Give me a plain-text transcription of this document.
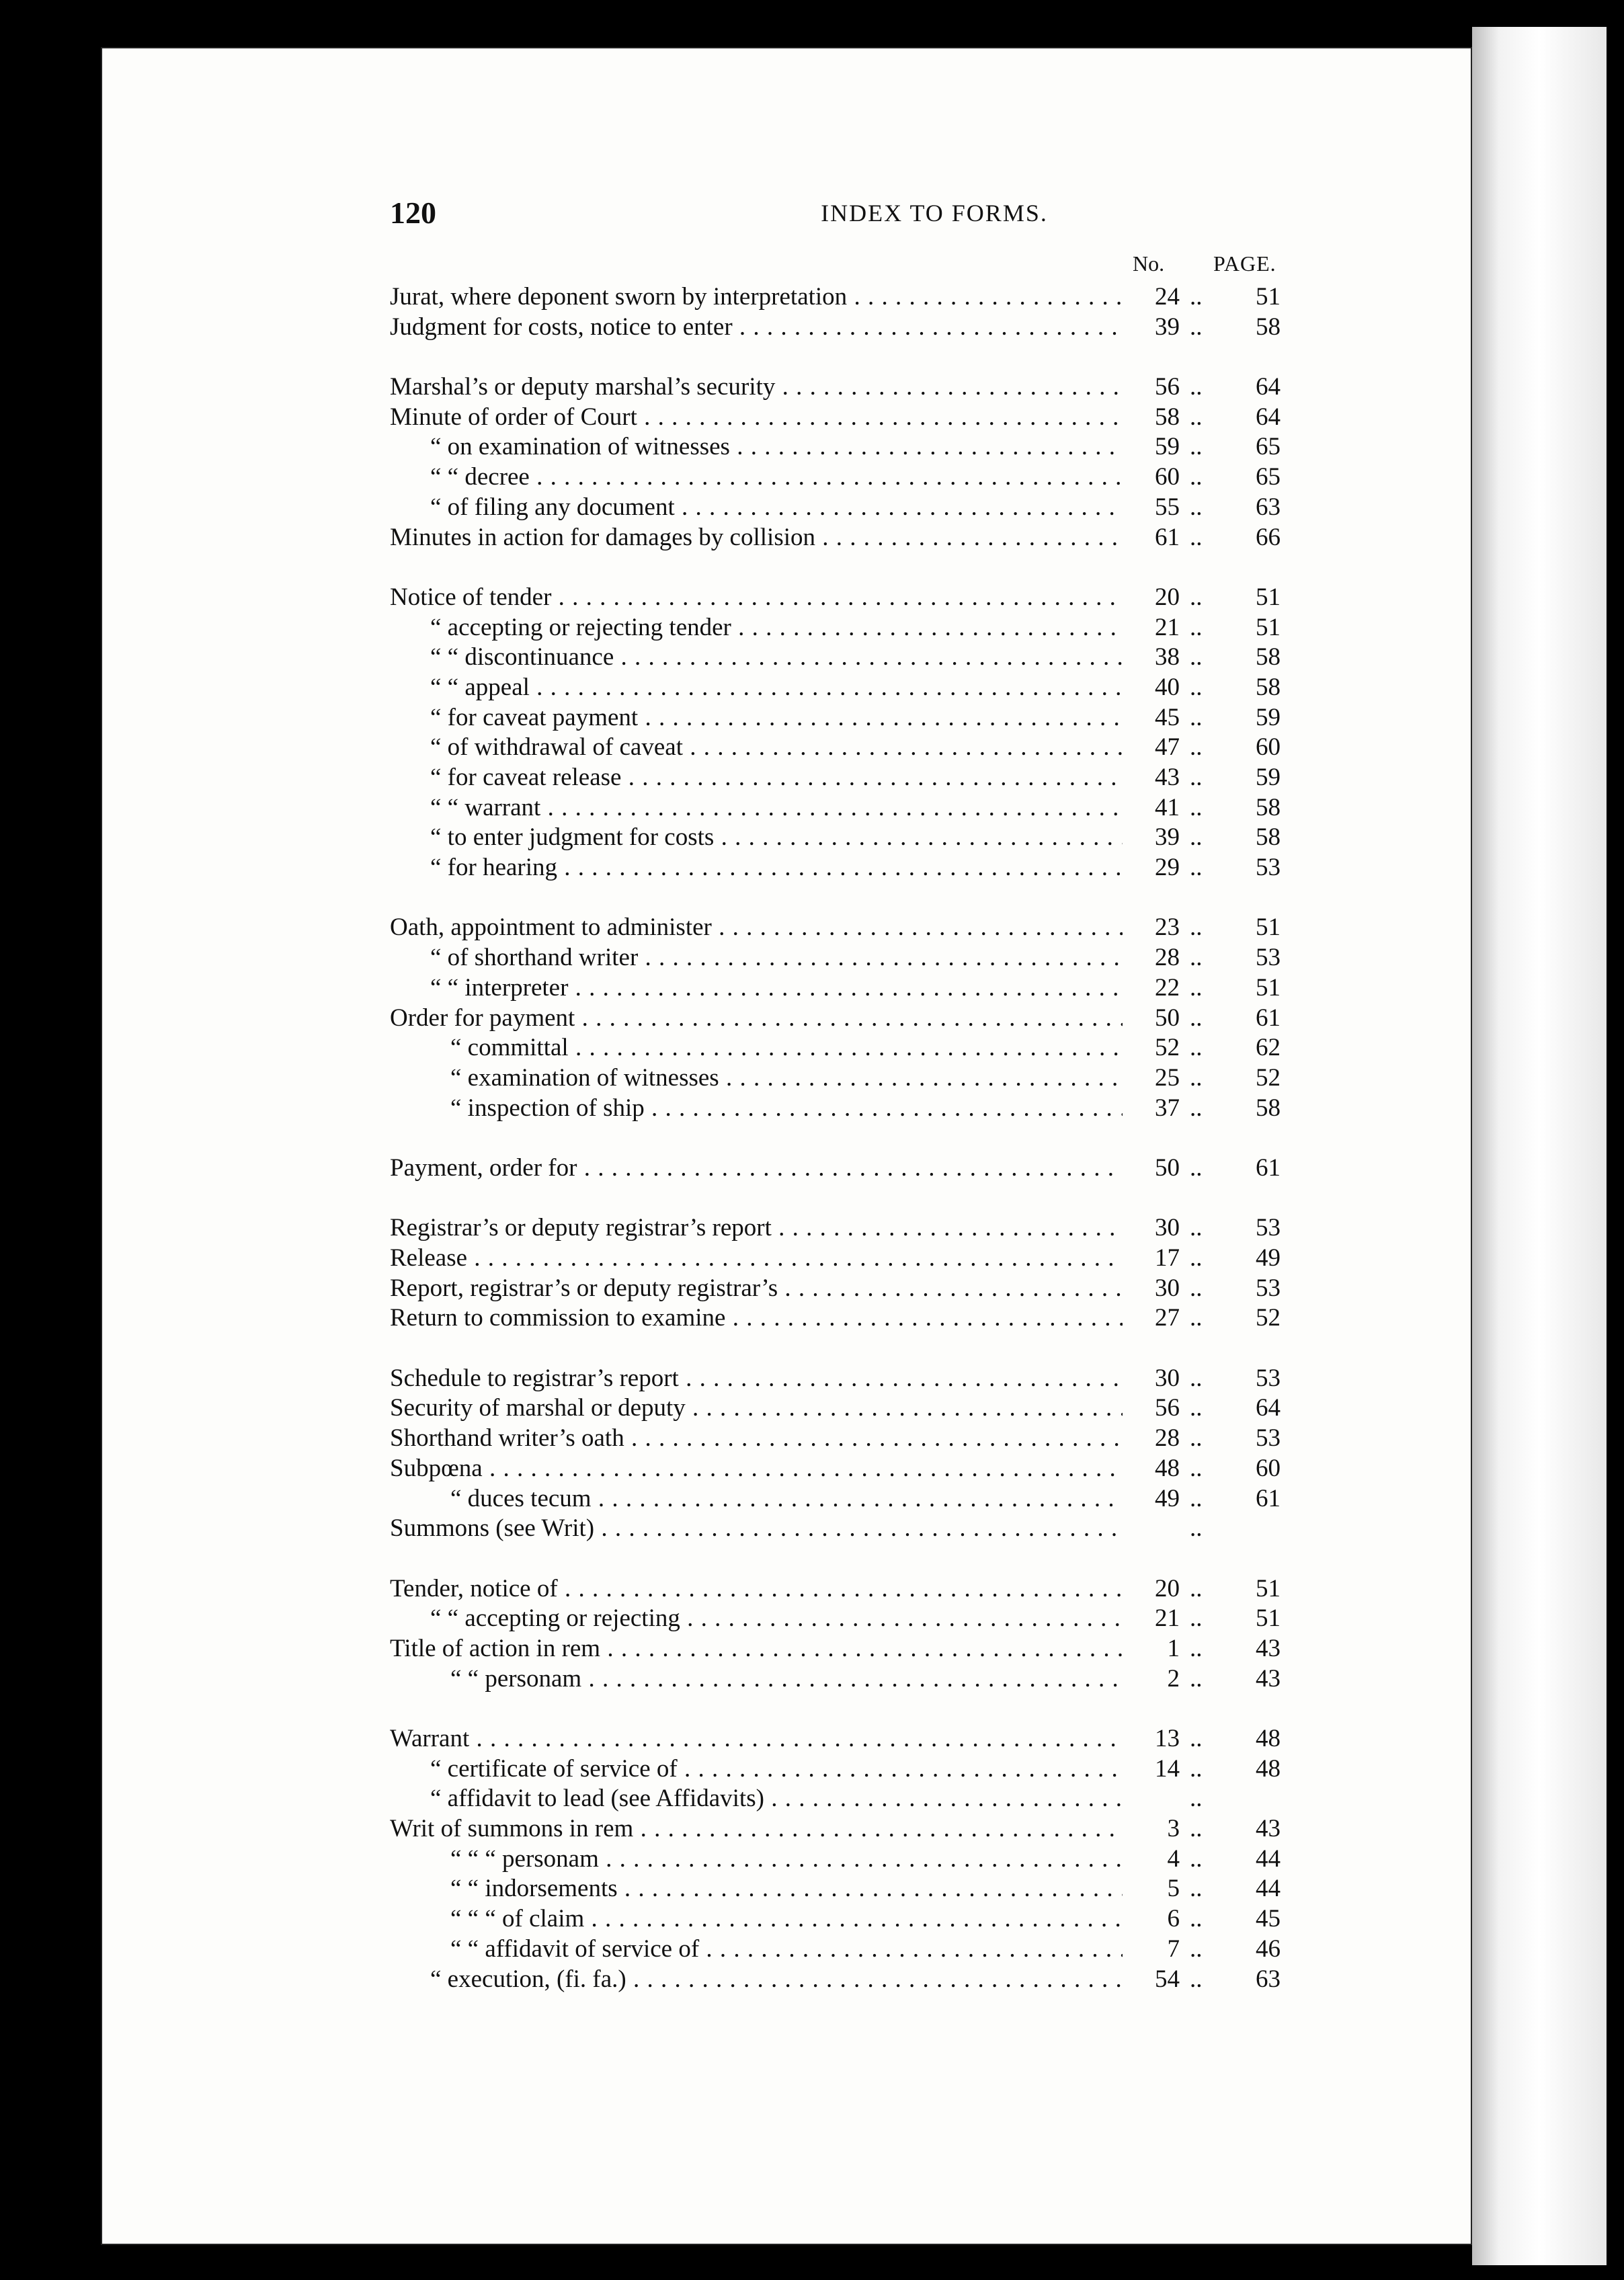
120	INDEX TO FORMS.
No. PAGE.
Jurat, where deponent sworn by interpretation . . .	24 ..	51
Judgment for costs, notice to enter . . .	39 ..	58
Marshal’s or deputy marshal’s security . . .	56 ..	64
Minute of order of Court . . .	58 ..	64
“ on examination of witnesses . . .	59 ..	65
“ “ decree . . .	60 ..	65
“ of filing any document . . .	55 ..	63
Minutes in action for damages by collision . . .	61 ..	66
Notice of tender . . .	20 ..	51
“ accepting or rejecting tender . . .	21 ..	51
“ “ discontinuance . . .	38 ..	58
“ “ appeal . . .	40 ..	58
“ for caveat payment . . .	45 ..	59
“ of withdrawal of caveat . . .	47 ..	60
“ for caveat release . . .	43 ..	59
“ “ warrant . . .	41 ..	58
“ to enter judgment for costs . . .	39 ..	58
“ for hearing . . .	29 ..	53
Oath, appointment to administer . . .	23 ..	51
“ of shorthand writer . . .	28 ..	53
“ “ interpreter . . .	22 ..	51
Order for payment . . .	50 ..	61
“ committal . . .	52 ..	62
“ examination of witnesses . . .	25 ..	52
“ inspection of ship . . .	37 ..	58
Payment, order for . . .	50 ..	61
Registrar’s or deputy registrar’s report . . .	30 ..	53
Release . . .	17 ..	49
Report, registrar’s or deputy registrar’s . . .	30 ..	53
Return to commission to examine . . .	27 ..	52
Schedule to registrar’s report . . .	30 ..	53
Security of marshal or deputy . . .	56 ..	64
Shorthand writer’s oath . . .	28 ..	53
Subpœna . . .	48 ..	60
“ duces tecum . . .	49 ..	61
Summons (see Writ) . . .	..
Tender, notice of . . .	20 ..	51
“ “ accepting or rejecting . . .	21 ..	51
Title of action in rem . . .	1 ..	43
“ “ personam . . .	2 ..	43
Warrant . . .	13 ..	48
“ certificate of service of . . .	14 ..	48
“ affidavit to lead (see Affidavits) . . .	..
Writ of summons in rem . . .	3 ..	43
“ “ “ personam . . .	4 ..	44
“ “ indorsements . . .	5 ..	44
“ “ “ of claim . . .	6 ..	45
“ “ affidavit of service of . . .	7 ..	46
“ execution, (fi. fa.) . . .	54 ..	63
